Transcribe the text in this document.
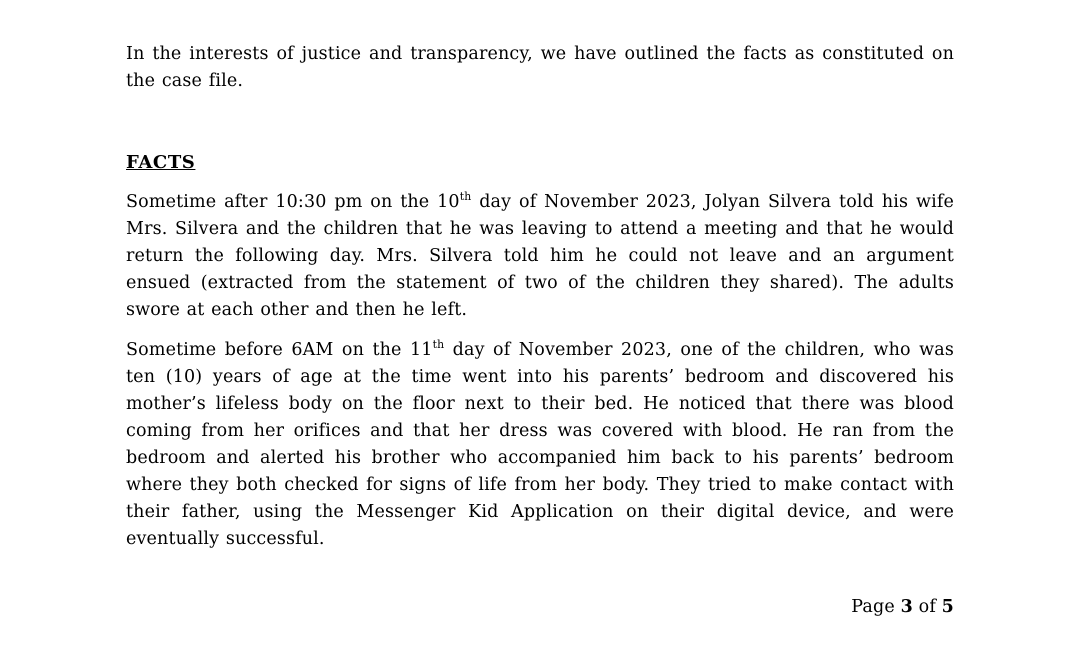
In the interests of justice and transparency, we have outlined the facts as constituted on the case file.

FACTS

Sometime after 10:30 pm on the 10th day of November 2023, Jolyan Silvera told his wife Mrs. Silvera and the children that he was leaving to attend a meeting and that he would return the following day. Mrs. Silvera told him he could not leave and an argument ensued (extracted from the statement of two of the children they shared). The adults swore at each other and then he left.

Sometime before 6AM on the 11th day of November 2023, one of the children, who was ten (10) years of age at the time went into his parents’ bedroom and discovered his mother’s lifeless body on the floor next to their bed. He noticed that there was blood coming from her orifices and that her dress was covered with blood. He ran from the bedroom and alerted his brother who accompanied him back to his parents’ bedroom where they both checked for signs of life from her body. They tried to make contact with their father, using the Messenger Kid Application on their digital device, and were eventually successful.

Page 3 of 5
